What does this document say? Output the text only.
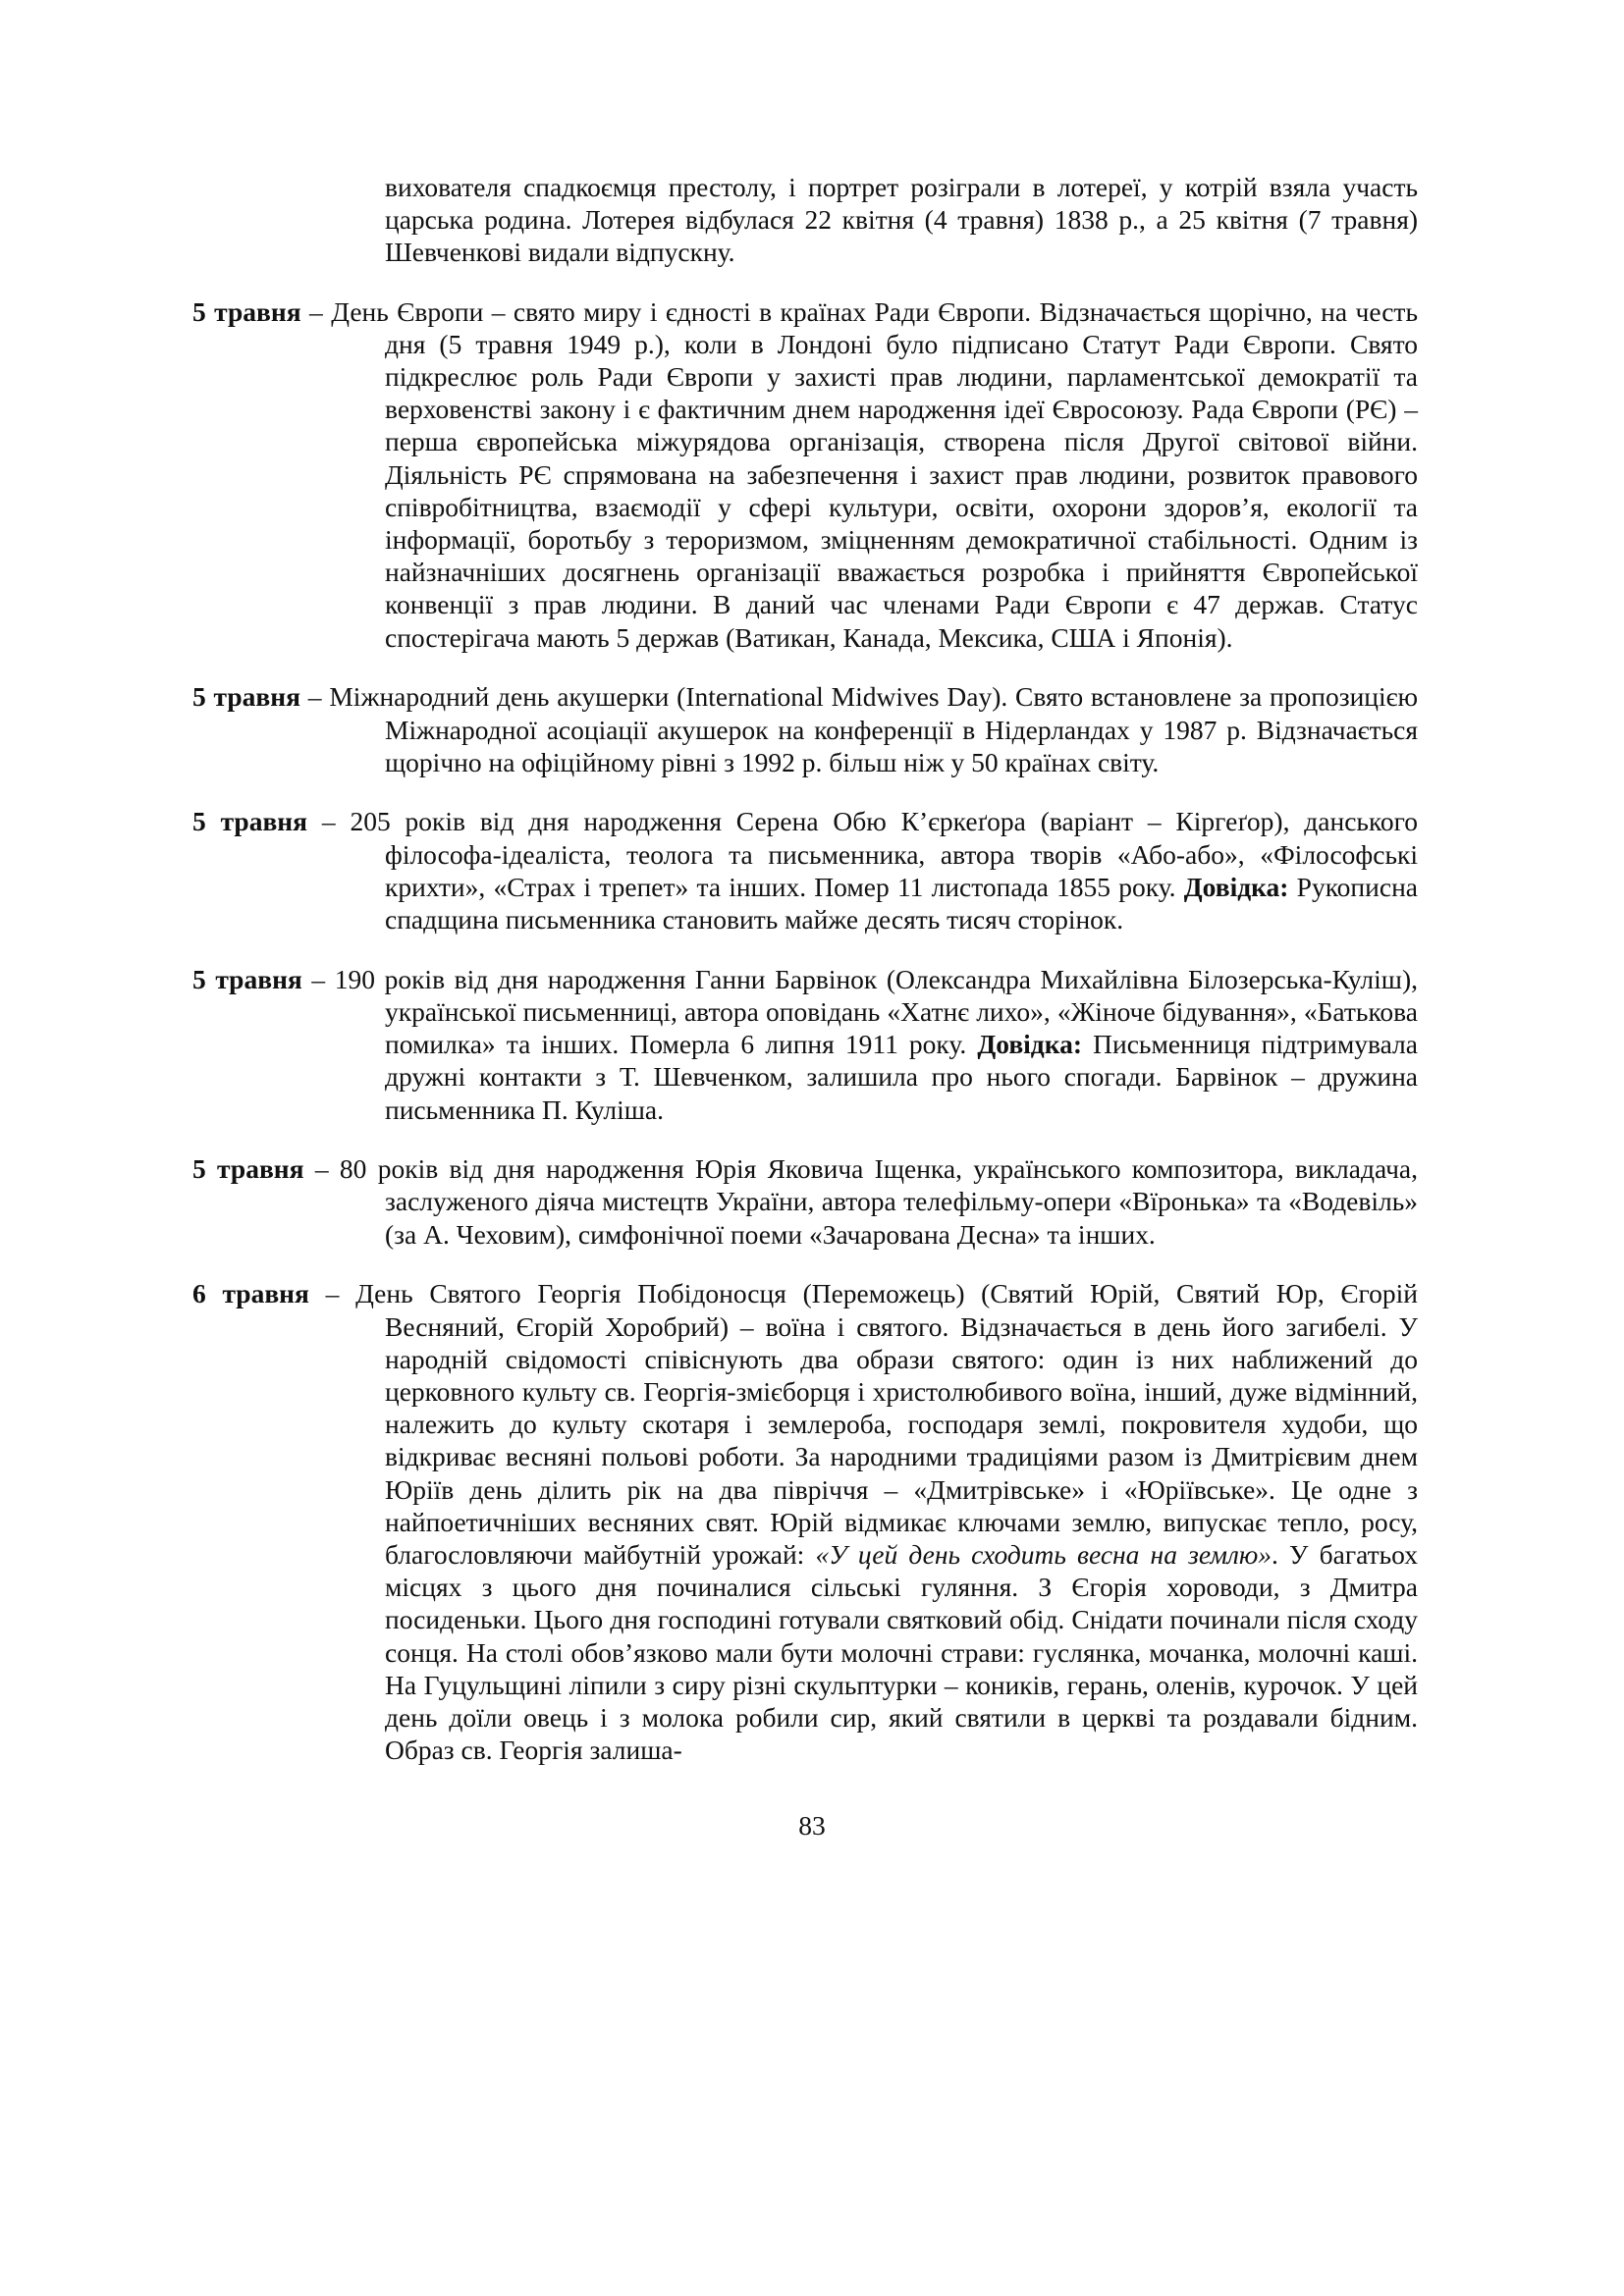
вихователя спадкоємця престолу, і портрет розіграли в лотереї, у котрій взяла участь царська родина. Лотерея відбулася 22 квітня (4 травня) 1838 р., а 25 квітня (7 травня) Шевченкові видали відпускну.

5 травня – День Європи – свято миру і єдності в країнах Ради Європи. Відзначається щорічно, на честь дня (5 травня 1949 р.), коли в Лондоні було підписано Статут Ради Європи. Свято підкреслює роль Ради Європи у захисті прав людини, парламентської демократії та верховенстві закону і є фактичним днем народження ідеї Євросоюзу. Рада Європи (РЄ) – перша європейська міжурядова організація, створена після Другої світової війни. Діяльність РЄ спрямована на забезпечення і захист прав людини, розвиток правового співробітництва, взаємодії у сфері культури, освіти, охорони здоров’я, екології та інформації, боротьбу з тероризмом, зміцненням демократичної стабільності. Одним із найзначніших досягнень організації вважається розробка і прийняття Європейської конвенції з прав людини. В даний час членами Ради Європи є 47 держав. Статус спостерігача мають 5 держав (Ватикан, Канада, Мексика, США і Японія).

5 травня – Міжнародний день акушерки (International Midwives Day). Свято встановлене за пропозицією Міжнародної асоціації акушерок на конференції в Нідерландах у 1987 р. Відзначається щорічно на офіційному рівні з 1992 р. більш ніж у 50 країнах світу.

5 травня – 205 років від дня народження Серена Обю К’єркеґора (варіант – Кіргеґор), данського філософа-ідеаліста, теолога та письменника, автора творів «Або-або», «Філософські крихти», «Страх і трепет» та інших. Помер 11 листопада 1855 року. Довідка: Рукописна спадщина письменника становить майже десять тисяч сторінок.

5 травня – 190 років від дня народження Ганни Барвінок (Олександра Михайлівна Білозерська-Куліш), української письменниці, автора оповідань «Хатнє лихо», «Жіноче бідування», «Батькова помилка» та інших. Померла 6 липня 1911 року. Довідка: Письменниця підтримувала дружні контакти з Т. Шевченком, залишила про нього спогади. Барвінок – дружина письменника П. Куліша.

5 травня – 80 років від дня народження Юрія Яковича Іщенка, українського композитора, викладача, заслуженого діяча мистецтв України, автора телефільму-опери «Вїронька» та «Водевіль» (за А. Чеховим), симфонічної поеми «Зачарована Десна» та інших.

6 травня – День Святого Георгія Побідоносця (Переможець) (Святий Юрій, Святий Юр, Єгорій Весняний, Єгорій Хоробрий) – воїна і святого. Відзначається в день його загибелі. У народній свідомості співіснують два образи святого: один із них наближений до церковного культу св. Георгія-змієборця і христолюбивого воїна, інший, дуже відмінний, належить до культу скотаря і землероба, господаря землі, покровителя худоби, що відкриває весняні польові роботи. За народними традиціями разом із Дмитрієвим днем Юріїв день ділить рік на два півріччя – «Дмитрівське» і «Юріївське». Це одне з найпоетичніших весняних свят. Юрій відмикає ключами землю, випускає тепло, росу, благословляючи майбутній урожай: «У цей день сходить весна на землю». У багатьох місцях з цього дня починалися сільські гуляння. З Єгорія хороводи, з Дмитра посиденьки. Цього дня господині готували святковий обід. Снідати починали після сходу сонця. На столі обов’язково мали бути молочні страви: гуслянка, мочанка, молочні каші. На Гуцульщині ліпили з сиру різні скульптурки – коників, герань, оленів, курочок. У цей день доїли овець і з молока робили сир, який святили в церкві та роздавали бідним. Образ св. Георгія залиша-

83
